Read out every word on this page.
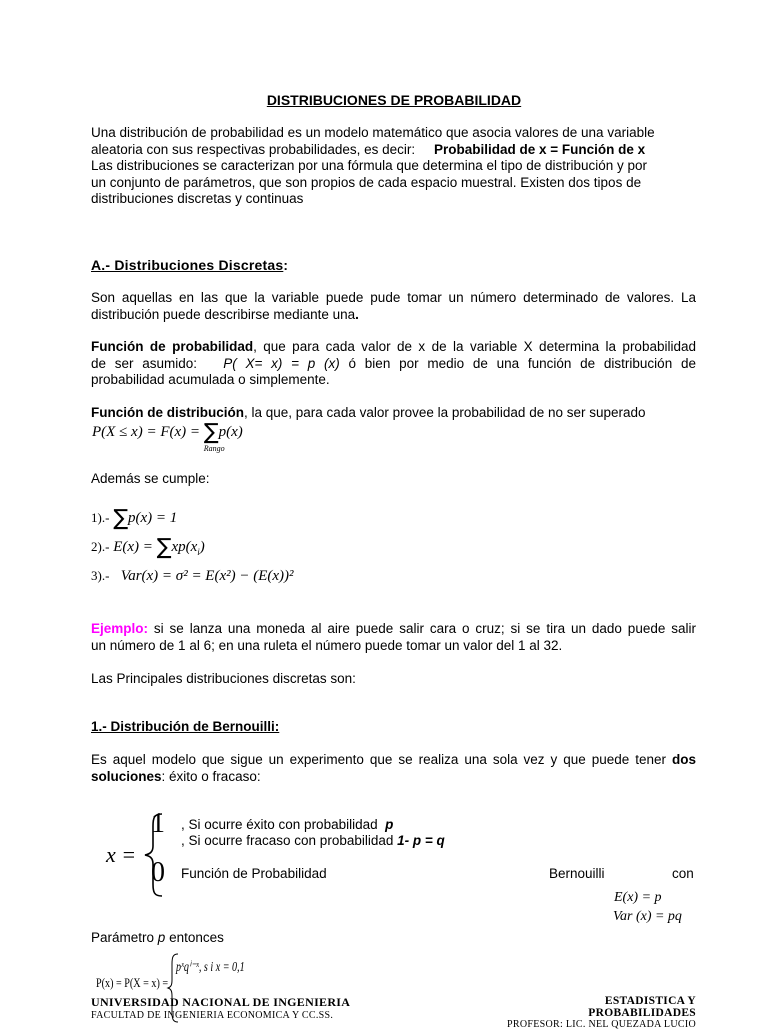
DISTRIBUCIONES DE PROBABILIDAD
Una distribución de probabilidad es un modelo matemático que asocia valores de una variable
aleatoria con sus respectivas probabilidades, es decir: Probabilidad de x = Función de x
Las distribuciones se caracterizan por una fórmula que determina el tipo de distribución y por
un conjunto de parámetros, que son propios de cada espacio muestral. Existen dos tipos de
distribuciones discretas y continuas
A.- Distribuciones Discretas:
Son aquellas en las que la variable puede pude tomar un número determinado de valores. La
distribución puede describirse mediante una.
Función de probabilidad, que para cada valor de x de la variable X determina la probabilidad
de ser asumido: P( X= x) = p (x) ó bien por medio de una función de distribución de
probabilidad acumulada o simplemente.
Función de distribución, la que, para cada valor provee la probabilidad de no ser superado
P(X ≤ x) = F(x) = ∑
Rango
p(x)
Además se cumple:
1).- ∑p(x) = 1
2).- $E(x) = \sum xp(x_i)$
3).- Var(x) = σ² = E(x²) − (E(x))²
Ejemplo: si se lanza una moneda al aire puede salir cara o cruz; si se tira un dado puede salir
un número de 1 al 6; en una ruleta el número puede tomar un valor del 1 al 32.
Las Principales distribuciones discretas son:
1.- Distribución de Bernouilli:
Es aquel modelo que sigue un experimento que se realiza una sola vez y que puede tener dos
soluciones: éxito o fracaso:
x =
1
0
, Si ocurre éxito con probabilidad p
, Si ocurre fracaso con probabilidad 1- p = q
Función de Probabilidad	Bernouilli	con
E(x) = p
Var (x) = pq
Parámetro p entonces
P(x) = P(X = x) =
pˣqⁱ⁻ˣ, s i x = 0,1
UNIVERSIDAD NACIONAL DE INGENIERIA
FACULTAD DE INGENIERIA ECONOMICA Y CC.SS.
ESTADISTICA Y PROBABILIDADES
PROFESOR: LIC. NEL QUEZADA LUCIO
